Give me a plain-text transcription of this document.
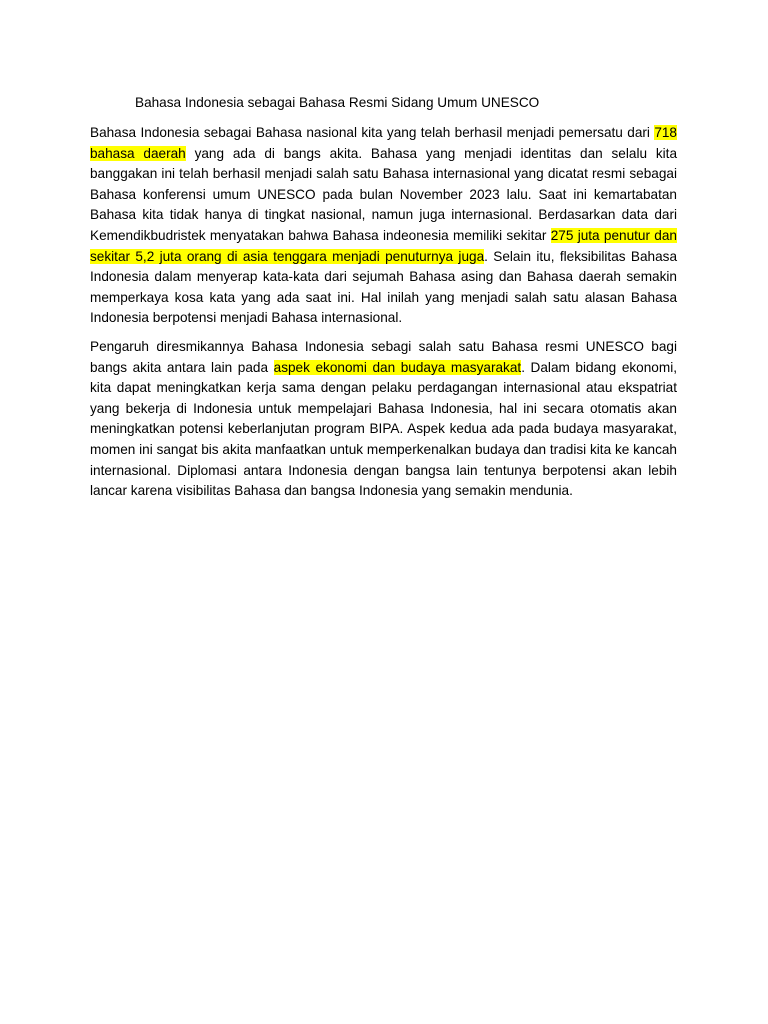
Bahasa Indonesia sebagai Bahasa Resmi Sidang Umum UNESCO

Bahasa Indonesia sebagai Bahasa nasional kita yang telah berhasil menjadi pemersatu dari 718 bahasa daerah yang ada di bangs akita. Bahasa yang menjadi identitas dan selalu kita banggakan ini telah berhasil menjadi salah satu Bahasa internasional yang dicatat resmi sebagai Bahasa konferensi umum UNESCO pada bulan November 2023 lalu. Saat ini kemartabatan Bahasa kita tidak hanya di tingkat nasional, namun juga internasional. Berdasarkan data dari Kemendikbudristek menyatakan bahwa Bahasa indeonesia memiliki sekitar 275 juta penutur dan sekitar 5,2 juta orang di asia tenggara menjadi penuturnya juga. Selain itu, fleksibilitas Bahasa Indonesia dalam menyerap kata-kata dari sejumah Bahasa asing dan Bahasa daerah semakin memperkaya kosa kata yang ada saat ini. Hal inilah yang menjadi salah satu alasan Bahasa Indonesia berpotensi menjadi Bahasa internasional.

Pengaruh diresmikannya Bahasa Indonesia sebagi salah satu Bahasa resmi UNESCO bagi bangs akita antara lain pada aspek ekonomi dan budaya masyarakat. Dalam bidang ekonomi, kita dapat meningkatkan kerja sama dengan pelaku perdagangan internasional atau ekspatriat yang bekerja di Indonesia untuk mempelajari Bahasa Indonesia, hal ini secara otomatis akan meningkatkan potensi keberlanjutan program BIPA. Aspek kedua ada pada budaya masyarakat, momen ini sangat bis akita manfaatkan untuk memperkenalkan budaya dan tradisi kita ke kancah internasional. Diplomasi antara Indonesia dengan bangsa lain tentunya berpotensi akan lebih lancar karena visibilitas Bahasa dan bangsa Indonesia yang semakin mendunia.
